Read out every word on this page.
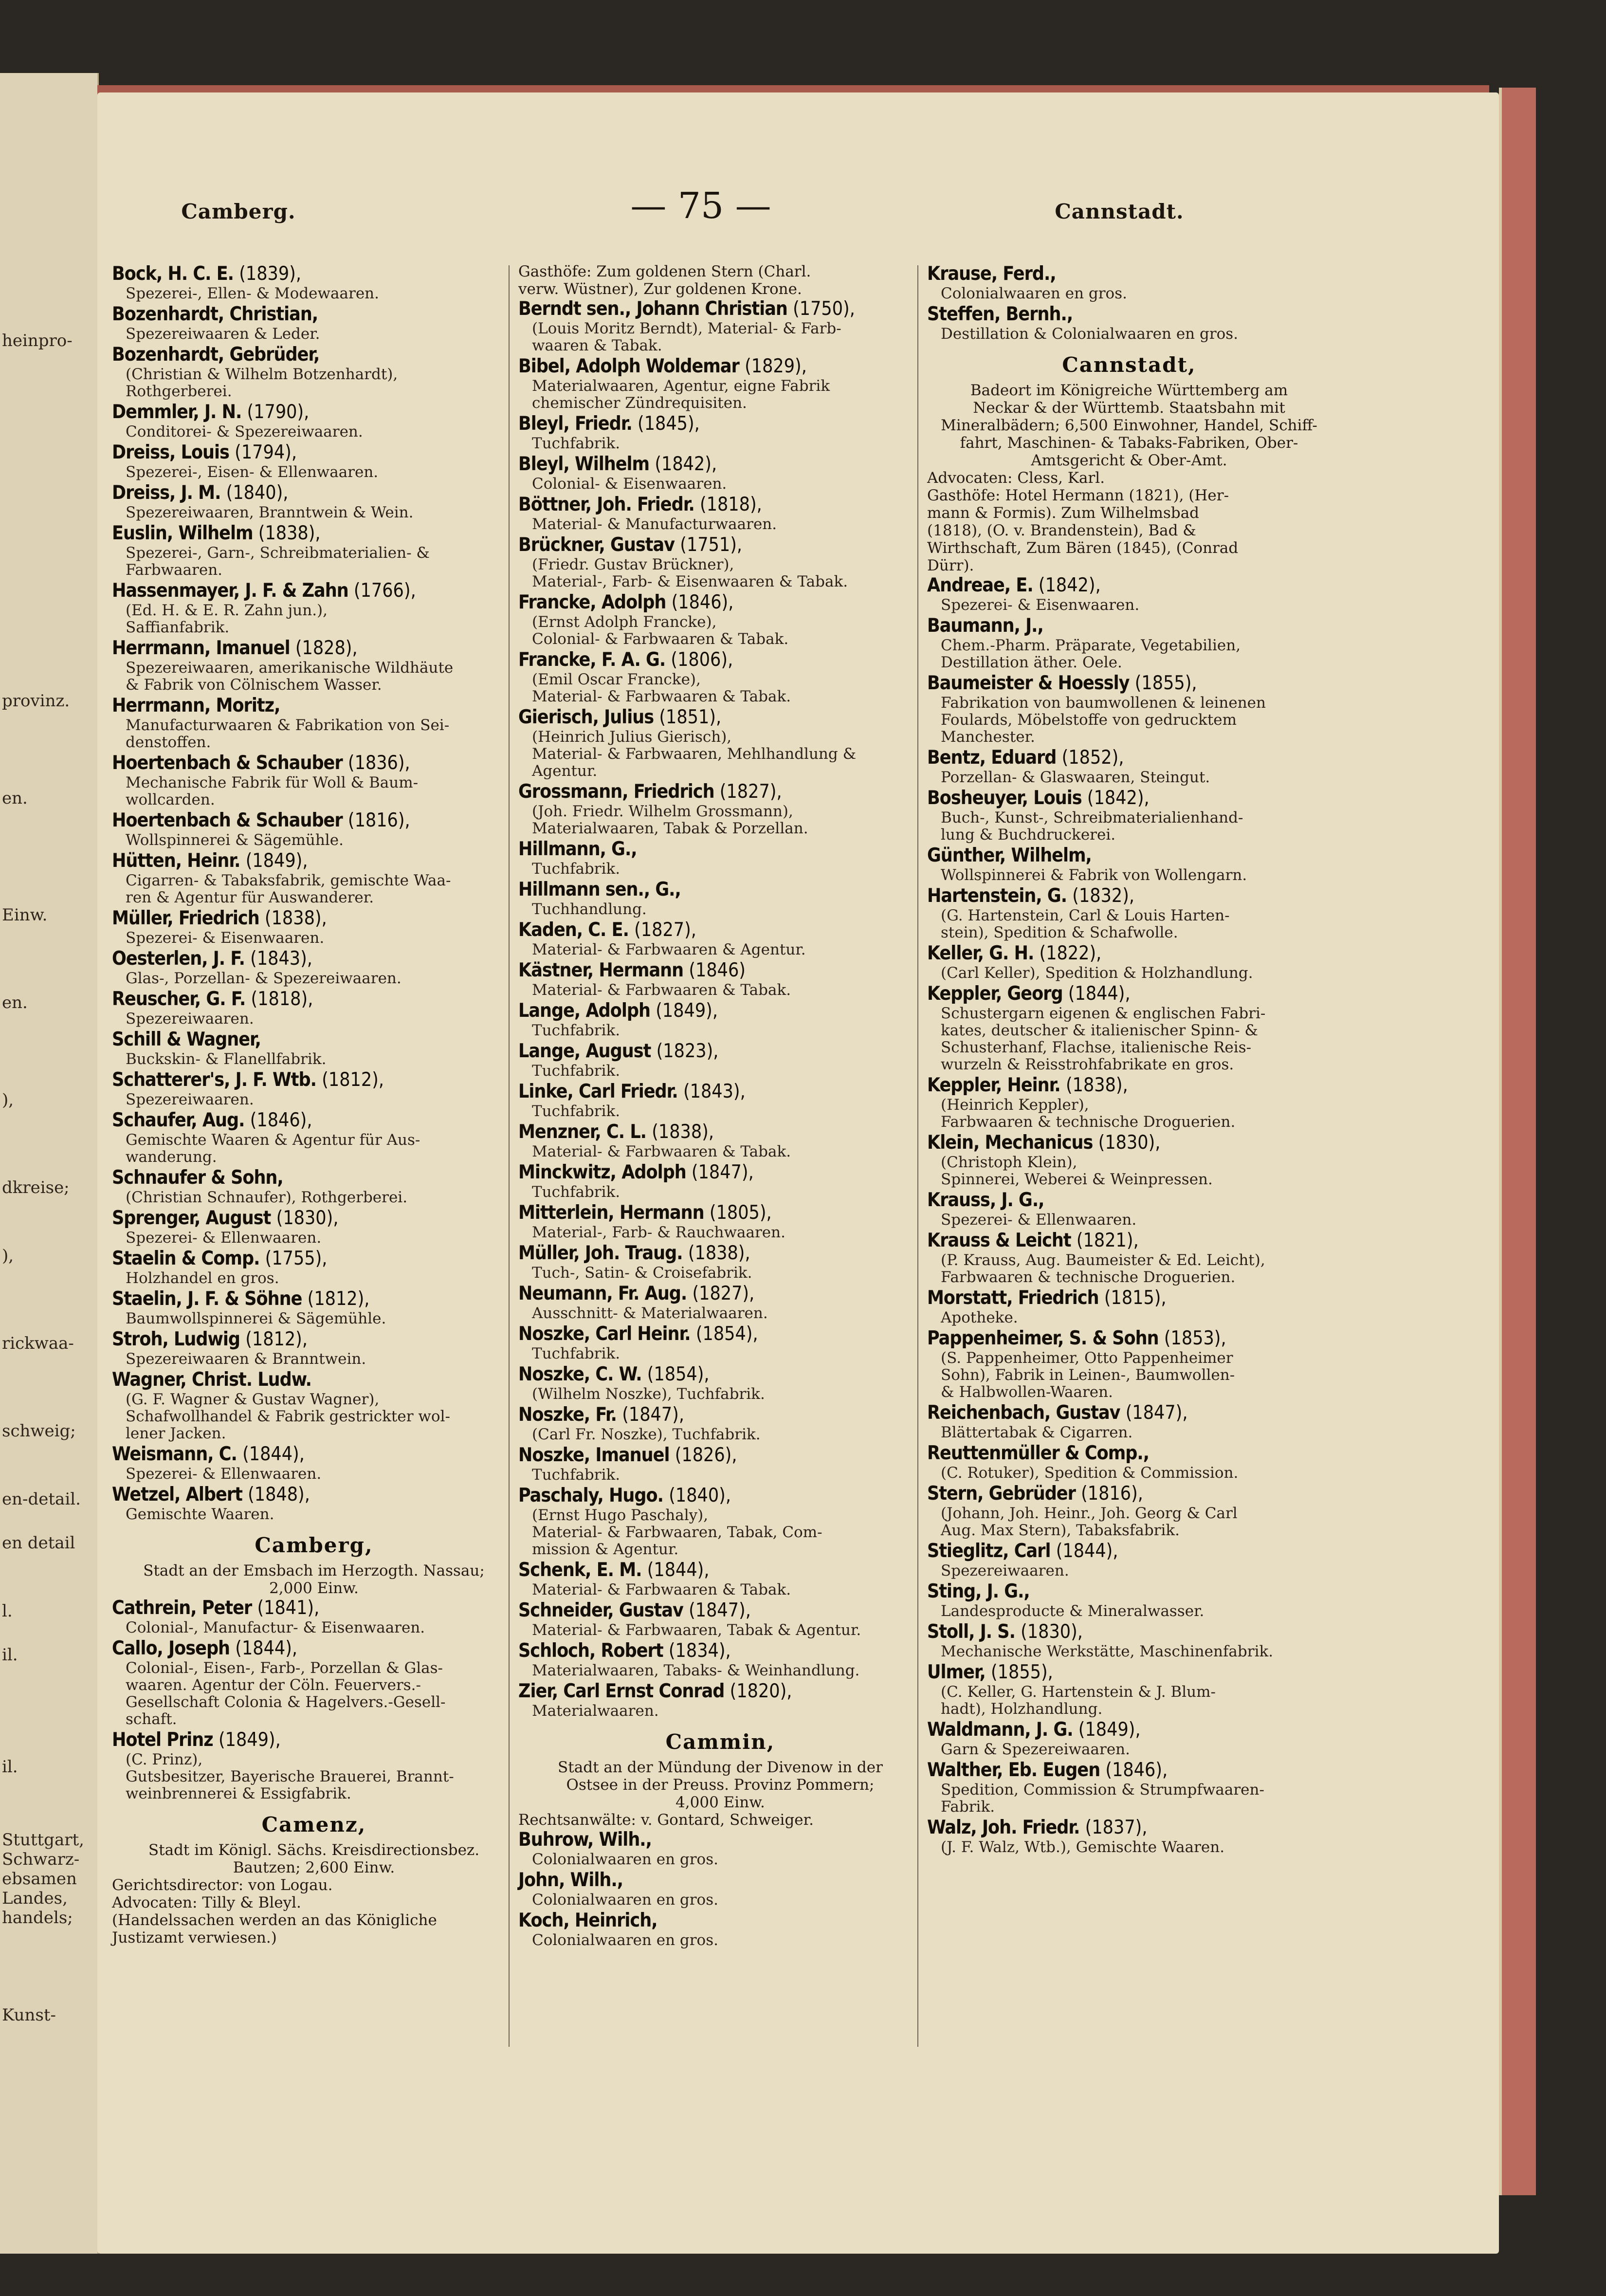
heinpro-
provinz.
en.
Einw.
en.
),
dkreise;
),
rickwaa-
schweig;
en-detail.
en detail
l.
il.
il.
Stuttgart,
Schwarz-
ebsamen
Landes,
handels;
Kunst-
Camberg.	— 75 —	Cannstadt.
Bock, H. C. E. (1839),
Spezerei-, Ellen- & Modewaaren.
Bozenhardt, Christian,
Spezereiwaaren & Leder.
Bozenhardt, Gebrüder,
(Christian & Wilhelm Botzenhardt),
Rothgerberei.
Demmler, J. N. (1790),
Conditorei- & Spezereiwaaren.
Dreiss, Louis (1794),
Spezerei-, Eisen- & Ellenwaaren.
Dreiss, J. M. (1840),
Spezereiwaaren, Branntwein & Wein.
Euslin, Wilhelm (1838),
Spezerei-, Garn-, Schreibmaterialien- &
Farbwaaren.
Hassenmayer, J. F. & Zahn (1766),
(Ed. H. & E. R. Zahn jun.),
Saffianfabrik.
Herrmann, Imanuel (1828),
Spezereiwaaren, amerikanische Wildhäute
& Fabrik von Cölnischem Wasser.
Herrmann, Moritz,
Manufacturwaaren & Fabrikation von Sei-
denstoffen.
Hoertenbach & Schauber (1836),
Mechanische Fabrik für Woll & Baum-
wollcarden.
Hoertenbach & Schauber (1816),
Wollspinnerei & Sägemühle.
Hütten, Heinr. (1849),
Cigarren- & Tabaksfabrik, gemischte Waa-
ren & Agentur für Auswanderer.
Müller, Friedrich (1838),
Spezerei- & Eisenwaaren.
Oesterlen, J. F. (1843),
Glas-, Porzellan- & Spezereiwaaren.
Reuscher, G. F. (1818),
Spezereiwaaren.
Schill & Wagner,
Buckskin- & Flanellfabrik.
Schatterer's, J. F. Wtb. (1812),
Spezereiwaaren.
Schaufer, Aug. (1846),
Gemischte Waaren & Agentur für Aus-
wanderung.
Schnaufer & Sohn,
(Christian Schnaufer), Rothgerberei.
Sprenger, August (1830),
Spezerei- & Ellenwaaren.
Staelin & Comp. (1755),
Holzhandel en gros.
Staelin, J. F. & Söhne (1812),
Baumwollspinnerei & Sägemühle.
Stroh, Ludwig (1812),
Spezereiwaaren & Branntwein.
Wagner, Christ. Ludw.
(G. F. Wagner & Gustav Wagner),
Schafwollhandel & Fabrik gestrickter wol-
lener Jacken.
Weismann, C. (1844),
Spezerei- & Ellenwaaren.
Wetzel, Albert (1848),
Gemischte Waaren.
Camberg,
Stadt an der Emsbach im Herzogth. Nassau;
2,000 Einw.
Cathrein, Peter (1841),
Colonial-, Manufactur- & Eisenwaaren.
Callo, Joseph (1844),
Colonial-, Eisen-, Farb-, Porzellan & Glas-
waaren. Agentur der Cöln. Feuervers.-
Gesellschaft Colonia & Hagelvers.-Gesell-
schaft.
Hotel Prinz (1849),
(C. Prinz),
Gutsbesitzer, Bayerische Brauerei, Brannt-
weinbrennerei & Essigfabrik.
Camenz,
Stadt im Königl. Sächs. Kreisdirectionsbez.
Bautzen; 2,600 Einw.
Gerichtsdirector: von Logau.
Advocaten: Tilly & Bleyl.
(Handelssachen werden an das Königliche
Justizamt verwiesen.)
Gasthöfe: Zum goldenen Stern (Charl.
verw. Wüstner), Zur goldenen Krone.
Berndt sen., Johann Christian (1750),
(Louis Moritz Berndt), Material- & Farb-
waaren & Tabak.
Bibel, Adolph Woldemar (1829),
Materialwaaren, Agentur, eigne Fabrik
chemischer Zündrequisiten.
Bleyl, Friedr. (1845),
Tuchfabrik.
Bleyl, Wilhelm (1842),
Colonial- & Eisenwaaren.
Böttner, Joh. Friedr. (1818),
Material- & Manufacturwaaren.
Brückner, Gustav (1751),
(Friedr. Gustav Brückner),
Material-, Farb- & Eisenwaaren & Tabak.
Francke, Adolph (1846),
(Ernst Adolph Francke),
Colonial- & Farbwaaren & Tabak.
Francke, F. A. G. (1806),
(Emil Oscar Francke),
Material- & Farbwaaren & Tabak.
Gierisch, Julius (1851),
(Heinrich Julius Gierisch),
Material- & Farbwaaren, Mehlhandlung &
Agentur.
Grossmann, Friedrich (1827),
(Joh. Friedr. Wilhelm Grossmann),
Materialwaaren, Tabak & Porzellan.
Hillmann, G.,
Tuchfabrik.
Hillmann sen., G.,
Tuchhandlung.
Kaden, C. E. (1827),
Material- & Farbwaaren & Agentur.
Kästner, Hermann (1846)
Material- & Farbwaaren & Tabak.
Lange, Adolph (1849),
Tuchfabrik.
Lange, August (1823),
Tuchfabrik.
Linke, Carl Friedr. (1843),
Tuchfabrik.
Menzner, C. L. (1838),
Material- & Farbwaaren & Tabak.
Minckwitz, Adolph (1847),
Tuchfabrik.
Mitterlein, Hermann (1805),
Material-, Farb- & Rauchwaaren.
Müller, Joh. Traug. (1838),
Tuch-, Satin- & Croisefabrik.
Neumann, Fr. Aug. (1827),
Ausschnitt- & Materialwaaren.
Noszke, Carl Heinr. (1854),
Tuchfabrik.
Noszke, C. W. (1854),
(Wilhelm Noszke), Tuchfabrik.
Noszke, Fr. (1847),
(Carl Fr. Noszke), Tuchfabrik.
Noszke, Imanuel (1826),
Tuchfabrik.
Paschaly, Hugo. (1840),
(Ernst Hugo Paschaly),
Material- & Farbwaaren, Tabak, Com-
mission & Agentur.
Schenk, E. M. (1844),
Material- & Farbwaaren & Tabak.
Schneider, Gustav (1847),
Material- & Farbwaaren, Tabak & Agentur.
Schloch, Robert (1834),
Materialwaaren, Tabaks- & Weinhandlung.
Zier, Carl Ernst Conrad (1820),
Materialwaaren.
Cammin,
Stadt an der Mündung der Divenow in der
Ostsee in der Preuss. Provinz Pommern;
4,000 Einw.
Rechtsanwälte: v. Gontard, Schweiger.
Buhrow, Wilh.,
Colonialwaaren en gros.
John, Wilh.,
Colonialwaaren en gros.
Koch, Heinrich,
Colonialwaaren en gros.
Krause, Ferd.,
Colonialwaaren en gros.
Steffen, Bernh.,
Destillation & Colonialwaaren en gros.
Cannstadt,
Badeort im Königreiche Württemberg am
Neckar & der Württemb. Staatsbahn mit
Mineralbädern; 6,500 Einwohner, Handel, Schiff-
fahrt, Maschinen- & Tabaks-Fabriken, Ober-
Amtsgericht & Ober-Amt.
Advocaten: Cless, Karl.
Gasthöfe: Hotel Hermann (1821), (Her-
mann & Formis). Zum Wilhelmsbad
(1818), (O. v. Brandenstein), Bad &
Wirthschaft, Zum Bären (1845), (Conrad
Dürr).
Andreae, E. (1842),
Spezerei- & Eisenwaaren.
Baumann, J.,
Chem.-Pharm. Präparate, Vegetabilien,
Destillation äther. Oele.
Baumeister & Hoessly (1855),
Fabrikation von baumwollenen & leinenen
Foulards, Möbelstoffe von gedrucktem
Manchester.
Bentz, Eduard (1852),
Porzellan- & Glaswaaren, Steingut.
Bosheuyer, Louis (1842),
Buch-, Kunst-, Schreibmaterialienhand-
lung & Buchdruckerei.
Günther, Wilhelm,
Wollspinnerei & Fabrik von Wollengarn.
Hartenstein, G. (1832),
(G. Hartenstein, Carl & Louis Harten-
stein), Spedition & Schafwolle.
Keller, G. H. (1822),
(Carl Keller), Spedition & Holzhandlung.
Keppler, Georg (1844),
Schustergarn eigenen & englischen Fabri-
kates, deutscher & italienischer Spinn- &
Schusterhanf, Flachse, italienische Reis-
wurzeln & Reisstrohfabrikate en gros.
Keppler, Heinr. (1838),
(Heinrich Keppler),
Farbwaaren & technische Droguerien.
Klein, Mechanicus (1830),
(Christoph Klein),
Spinnerei, Weberei & Weinpressen.
Krauss, J. G.,
Spezerei- & Ellenwaaren.
Krauss & Leicht (1821),
(P. Krauss, Aug. Baumeister & Ed. Leicht),
Farbwaaren & technische Droguerien.
Morstatt, Friedrich (1815),
Apotheke.
Pappenheimer, S. & Sohn (1853),
(S. Pappenheimer, Otto Pappenheimer
Sohn), Fabrik in Leinen-, Baumwollen-
& Halbwollen-Waaren.
Reichenbach, Gustav (1847),
Blättertabak & Cigarren.
Reuttenmüller & Comp.,
(C. Rotuker), Spedition & Commission.
Stern, Gebrüder (1816),
(Johann, Joh. Heinr., Joh. Georg & Carl
Aug. Max Stern), Tabaksfabrik.
Stieglitz, Carl (1844),
Spezereiwaaren.
Sting, J. G.,
Landesproducte & Mineralwasser.
Stoll, J. S. (1830),
Mechanische Werkstätte, Maschinenfabrik.
Ulmer, (1855),
(C. Keller, G. Hartenstein & J. Blum-
hadt), Holzhandlung.
Waldmann, J. G. (1849),
Garn & Spezereiwaaren.
Walther, Eb. Eugen (1846),
Spedition, Commission & Strumpfwaaren-
Fabrik.
Walz, Joh. Friedr. (1837),
(J. F. Walz, Wtb.), Gemischte Waaren.
